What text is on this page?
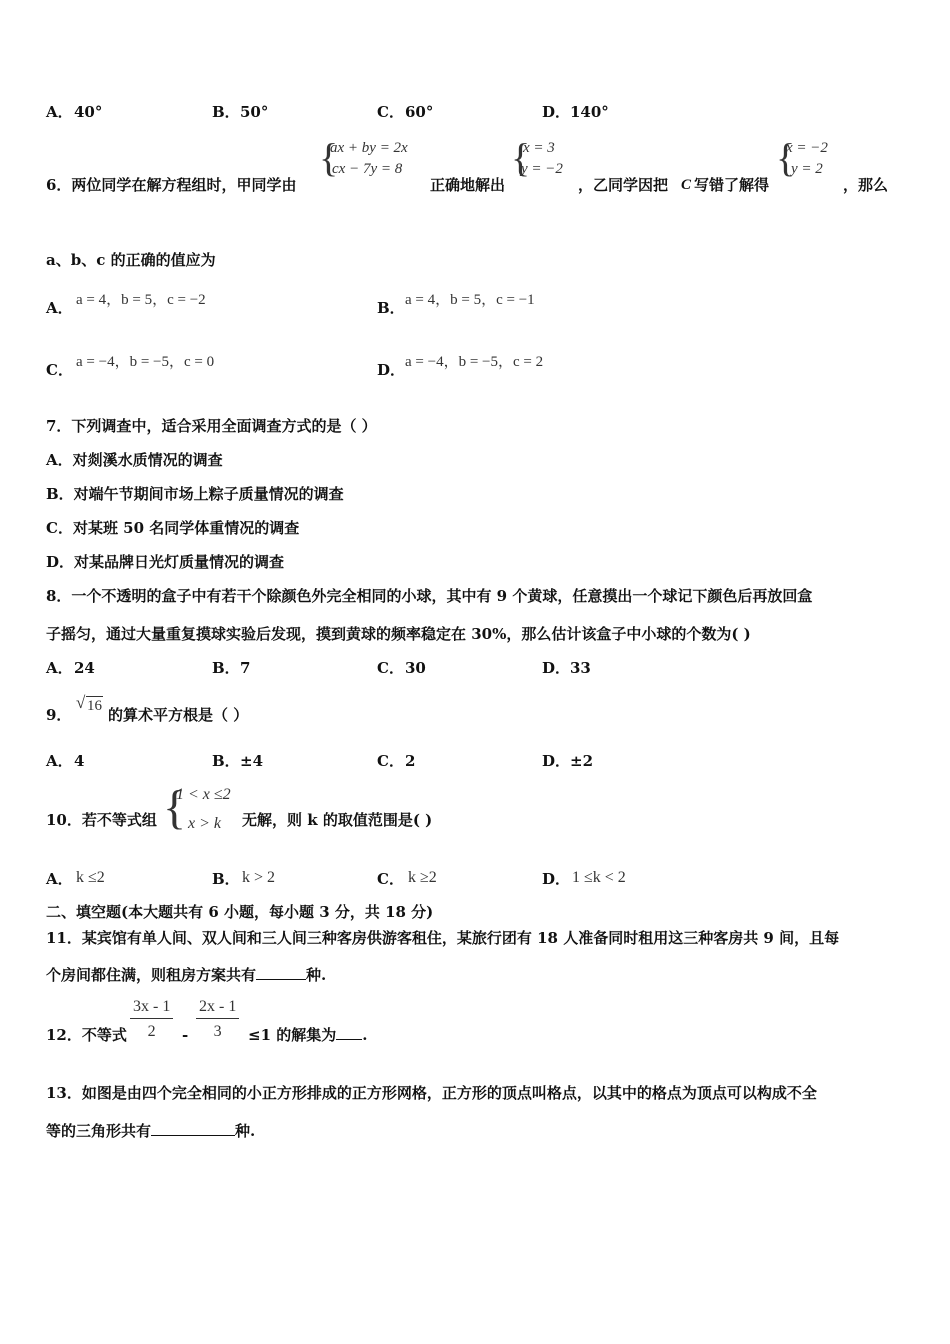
A． 40°	B． 50°	C． 60°	D． 140°
6．两位同学在解方程组时，甲同学由
{
ax + by = 2x
cx − 7y = 8
正确地解出
{
x = 3
y = −2
，乙同学因把 C 写错了解得
{
x = −2
y = 2
，那么
a、b、c 的正确的值应为
A． a = 4，b = 5，c = −2	B． a = 4，b = 5，c = −1
C． a = −4，b = −5，c = 0	D． a = −4，b = −5，c = 2
7．下列调查中，适合采用全面调查方式的是（ ）
A．对剡溪水质情况的调查
B．对端午节期间市场上粽子质量情况的调查
C．对某班 50 名同学体重情况的调查
D．对某品牌日光灯质量情况的调查
8．一个不透明的盒子中有若干个除颜色外完全相同的小球，其中有 9 个黄球，任意摸出一个球记下颜色后再放回盒
子摇匀，通过大量重复摸球实验后发现，摸到黄球的频率稳定在 30%，那么估计该盒子中小球的个数为( )
A． 24	B． 7	C． 30	D． 33
9．
√ 16 的算术平方根是（ ）
A． 4	B． ±4	C． 2	D． ±2
10．若不等式组 {
1 < x ≤2
x > k 无解，则 k 的取值范围是( )
A． k ≤2	B． k > 2	C． k ≥2	D． 1 ≤k < 2
二、填空题(本大题共有 6 小题，每小题 3 分，共 18 分)
11．某宾馆有单人间、双人间和三人间三种客房供游客租住，某旅行团有 18 人准备同时租用这三种客房共 9 间，且每
个房间都住满，则租房方案共有	种.
12．不等式 $\frac{3x - 1}{2} - \frac{2x - 1}{3} \le 1$ 的解集为 .
13．如图是由四个完全相同的小正方形排成的正方形网格，正方形的顶点叫格点，以其中的格点为顶点可以构成不全
等的三角形共有	种.
